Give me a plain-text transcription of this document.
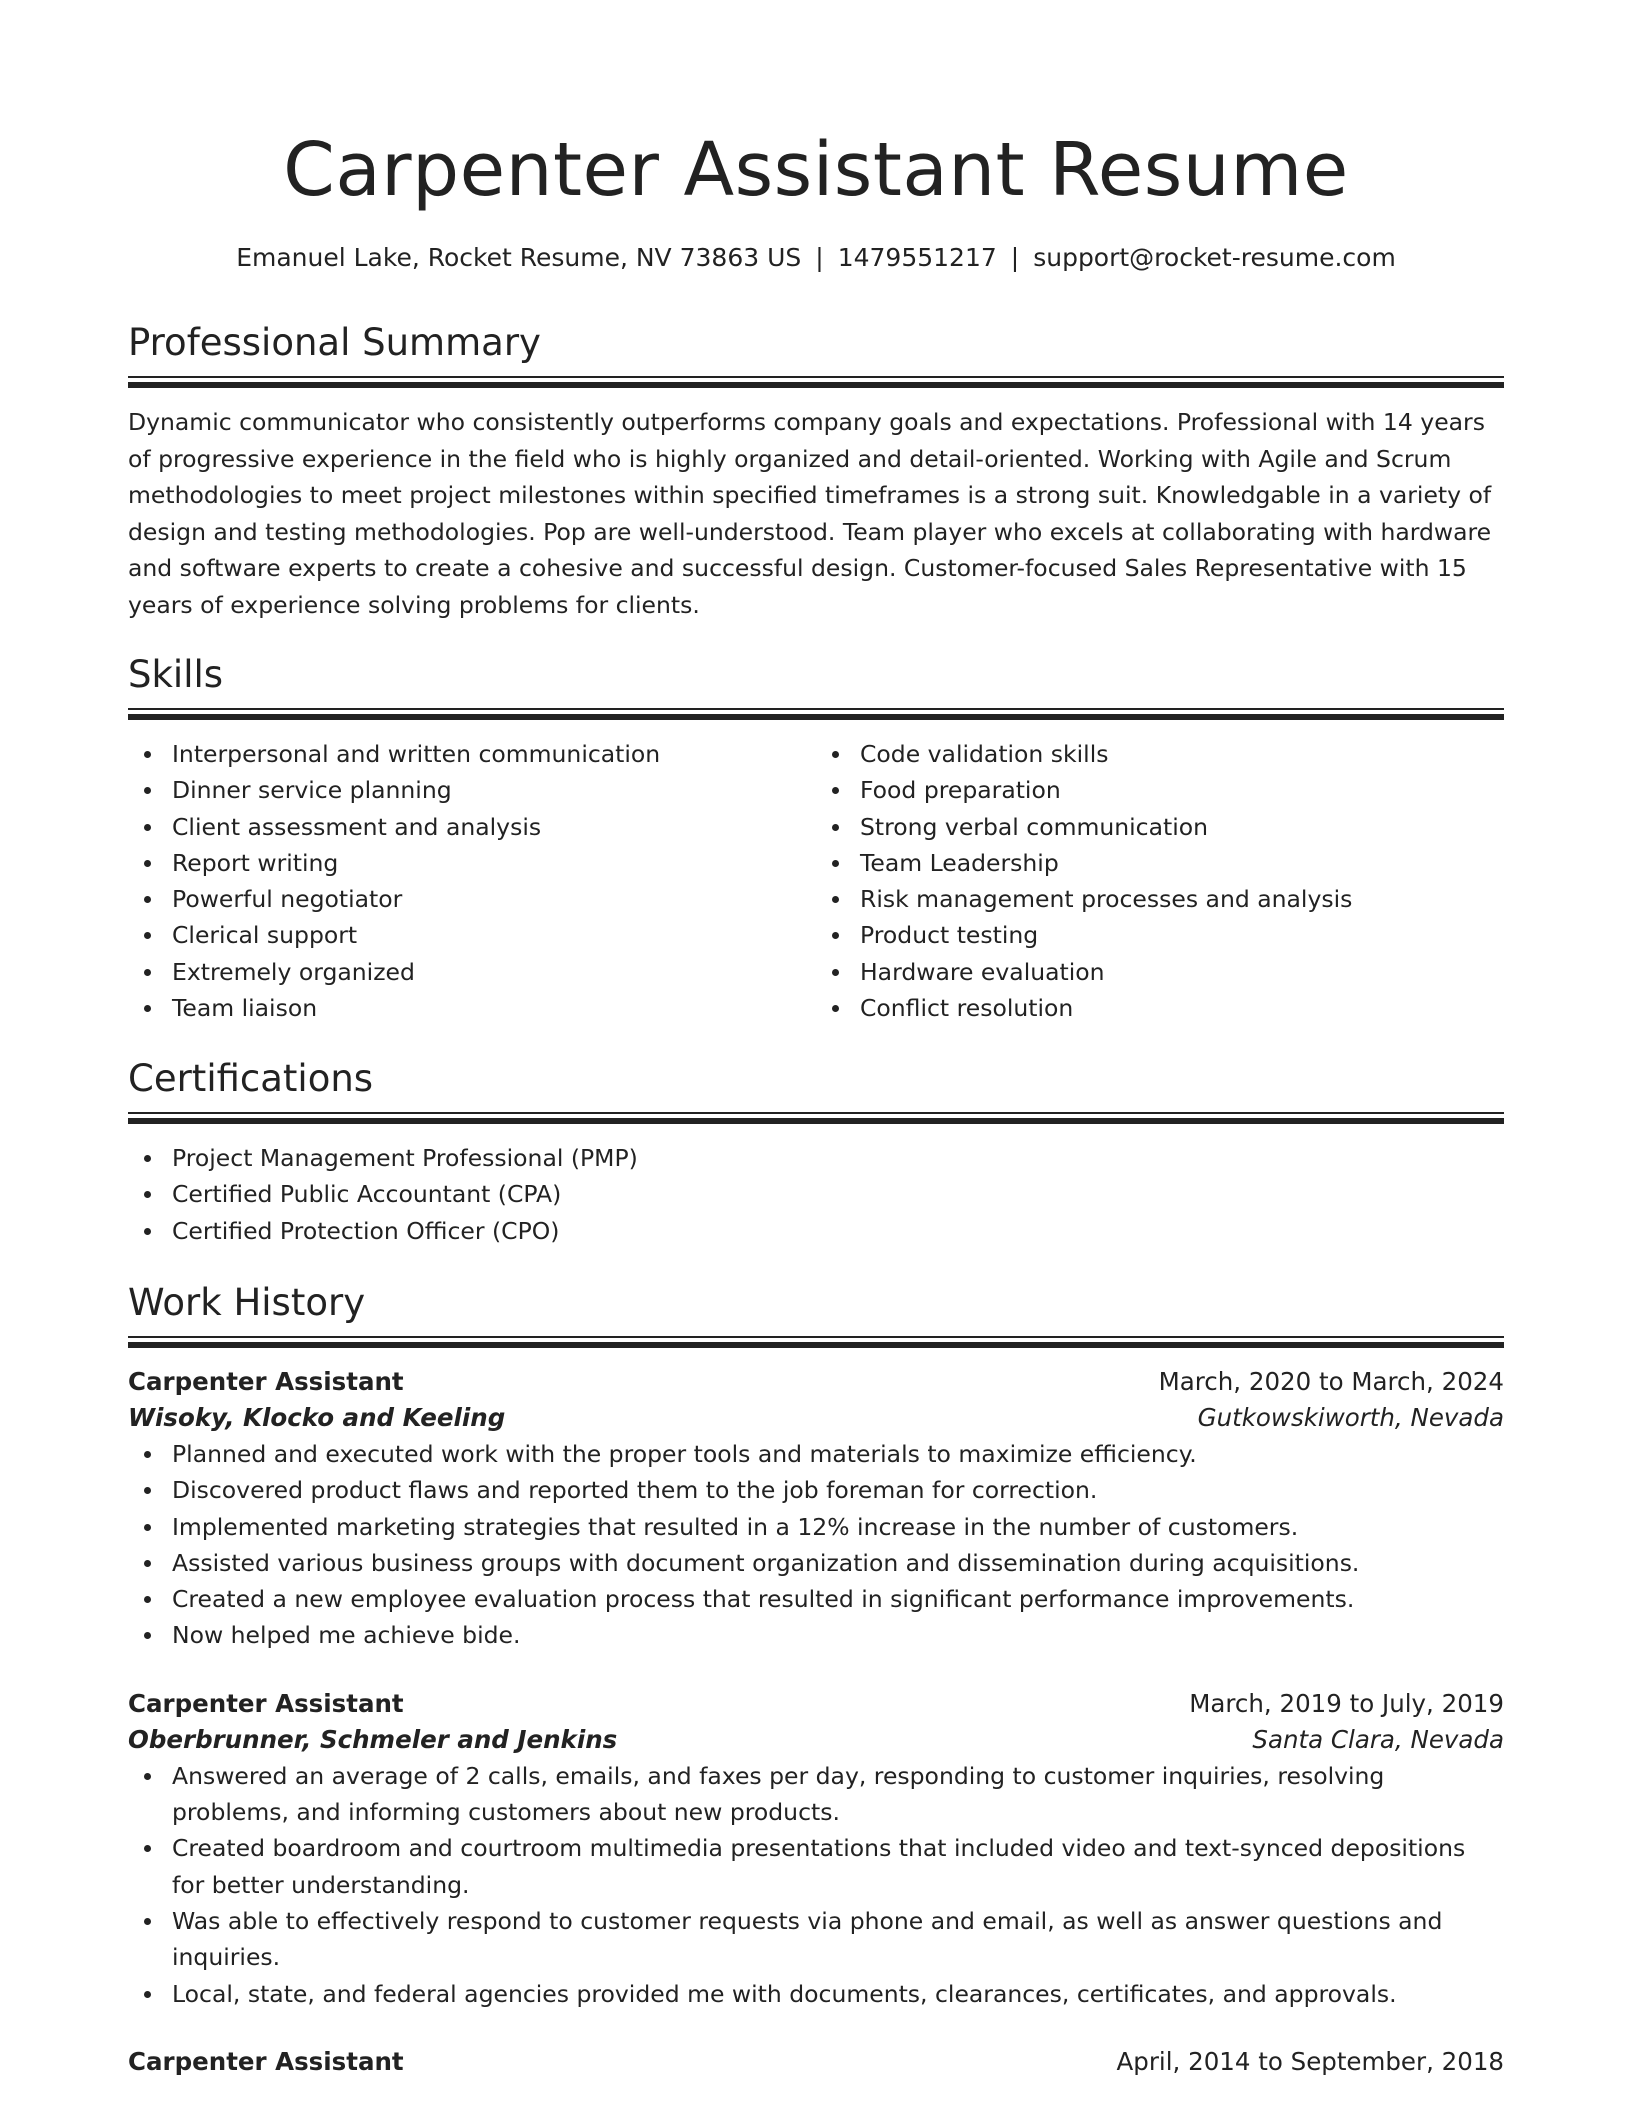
Carpenter Assistant Resume
Emanuel Lake, Rocket Resume, NV 73863 US | 1479551217 | support@rocket-resume.com
Professional Summary

Dynamic communicator who consistently outperforms company goals and expectations. Professional with 14 years of progressive experience in the field who is highly organized and detail-oriented. Working with Agile and Scrum methodologies to meet project milestones within specified timeframes is a strong suit. Knowledgable in a variety of design and testing methodologies. Pop are well-understood. Team player who excels at collaborating with hardware and software experts to create a cohesive and successful design. Customer-focused Sales Representative with 15 years of experience solving problems for clients.

Skills
Interpersonal and written communication
Dinner service planning
Client assessment and analysis
Report writing
Powerful negotiator
Clerical support
Extremely organized
Team liaison
Code validation skills
Food preparation
Strong verbal communication
Team Leadership
Risk management processes and analysis
Product testing
Hardware evaluation
Conflict resolution
Certifications
Project Management Professional (PMP)
Certified Public Accountant (CPA)
Certified Protection Officer (CPO)
Work History
Carpenter Assistant	March, 2020 to March, 2024
Wisoky, Klocko and Keeling	Gutkowskiworth, Nevada
Planned and executed work with the proper tools and materials to maximize efficiency.
Discovered product flaws and reported them to the job foreman for correction.
Implemented marketing strategies that resulted in a 12% increase in the number of customers.
Assisted various business groups with document organization and dissemination during acquisitions.
Created a new employee evaluation process that resulted in significant performance improvements.
Now helped me achieve bide.
Carpenter Assistant	March, 2019 to July, 2019
Oberbrunner, Schmeler and Jenkins	Santa Clara, Nevada
Answered an average of 2 calls, emails, and faxes per day, responding to customer inquiries, resolving problems, and informing customers about new products.
Created boardroom and courtroom multimedia presentations that included video and text-synced depositions for better understanding.
Was able to effectively respond to customer requests via phone and email, as well as answer questions and inquiries.
Local, state, and federal agencies provided me with documents, clearances, certificates, and approvals.
Carpenter Assistant	April, 2014 to September, 2018
